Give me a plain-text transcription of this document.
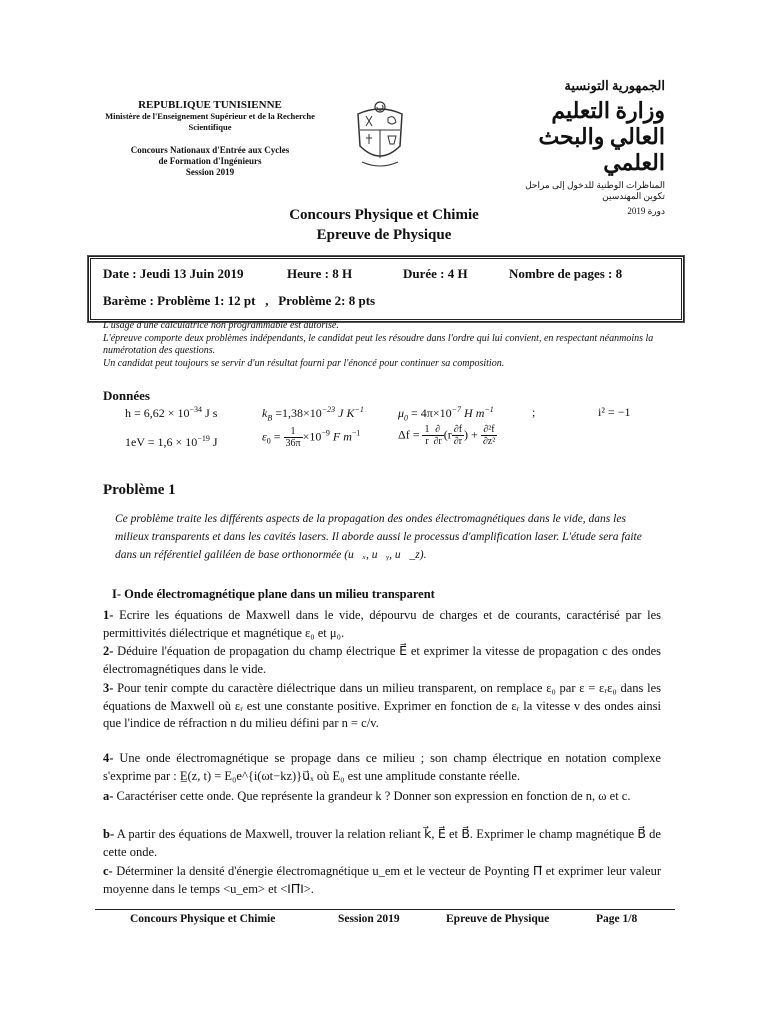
REPUBLIQUE TUNISIENNE
Ministère de l'Enseignement Supérieur et de la Recherche Scientifique
Concours Nationaux d'Entrée aux Cycles
de Formation d'Ingénieurs
Session 2019
الجمهورية التونسية
وزارة التعليم العالي والبحث العلمي
المناظرات الوطنية للدخول إلى مراحل تكوين المهندسين
دورة 2019
Concours Physique et Chimie
Epreuve de Physique
Date : Jeudi 13 Juin 2019	Heure : 8 H	Durée : 4 H	Nombre de pages : 8
Barème : Problème 1: 12 pt   ,   Problème 2: 8 pts
L'usage d'une calculatrice non programmable est autorisé.
L'épreuve comporte deux problèmes indépendants, le candidat peut les résoudre dans l'ordre qui lui convient, en respectant néanmoins la numérotation des questions.
Un candidat peut toujours se servir d'un résultat fourni par l'énoncé pour continuer sa composition.
Données
$h = 6,62 \times 10^{-34}$ J s	$k_B =1,38\times 10^{-23}$ J $K^{-1}$	$\mu_0 = 4\pi\times 10^{-7}$ H $m^{-1}$	;	i² = −1
$1eV = 1,6 \times 10^{-19}$ J	$\varepsilon_0 = \frac{1}{36\pi} \times 10^{-9}$ F $m^{-1}$	$\Delta f = \frac{1}{r} \frac{\partial}{\partial r} (r \frac{\partial f}{\partial r}$ ) + $\frac{\text{∂²f}}{\text{∂z²}}$
Problème 1
Ce problème traite les différents aspects de la propagation des ondes électromagnétiques dans le vide, dans les milieux transparents et dans les cavités lasers. Il aborde aussi le processus d'amplification laser. L'étude sera faite dans un référentiel galiléen de base orthonormée (u⃗ₓ, u⃗ᵧ, u⃗_z).
I- Onde électromagnétique plane dans un milieu transparent
1- Ecrire les équations de Maxwell dans le vide, dépourvu de charges et de courants, caractérisé par les permittivités diélectrique et magnétique ε₀ et μ₀.
2- Déduire l'équation de propagation du champ électrique E⃗ et exprimer la vitesse de propagation c des ondes électromagnétiques dans le vide.
3- Pour tenir compte du caractère diélectrique dans un milieu transparent, on remplace ε₀ par ε = εᵣε₀ dans les équations de Maxwell où εᵣ est une constante positive. Exprimer en fonction de εᵣ la vitesse v des ondes ainsi que l'indice de réfraction n du milieu défini par n = c/v.
4- Une onde électromagnétique se propage dans ce milieu ; son champ électrique en notation complexe s'exprime par : E̲(z, t) = E₀e^{i(ωt−kz)}u⃗ₓ où E₀ est une amplitude constante réelle.
a- Caractériser cette onde. Que représente la grandeur k ? Donner son expression en fonction de n, ω et c.
b- A partir des équations de Maxwell, trouver la relation reliant k⃗, E⃗ et B⃗. Exprimer le champ magnétique B⃗ de cette onde.
c- Déterminer la densité d'énergie électromagnétique u_em et le vecteur de Poynting Π⃗ et exprimer leur valeur moyenne dans le temps <u_em> et <‖Π⃗‖>.
Concours Physique et Chimie	Session 2019	Epreuve de Physique	Page 1/8
